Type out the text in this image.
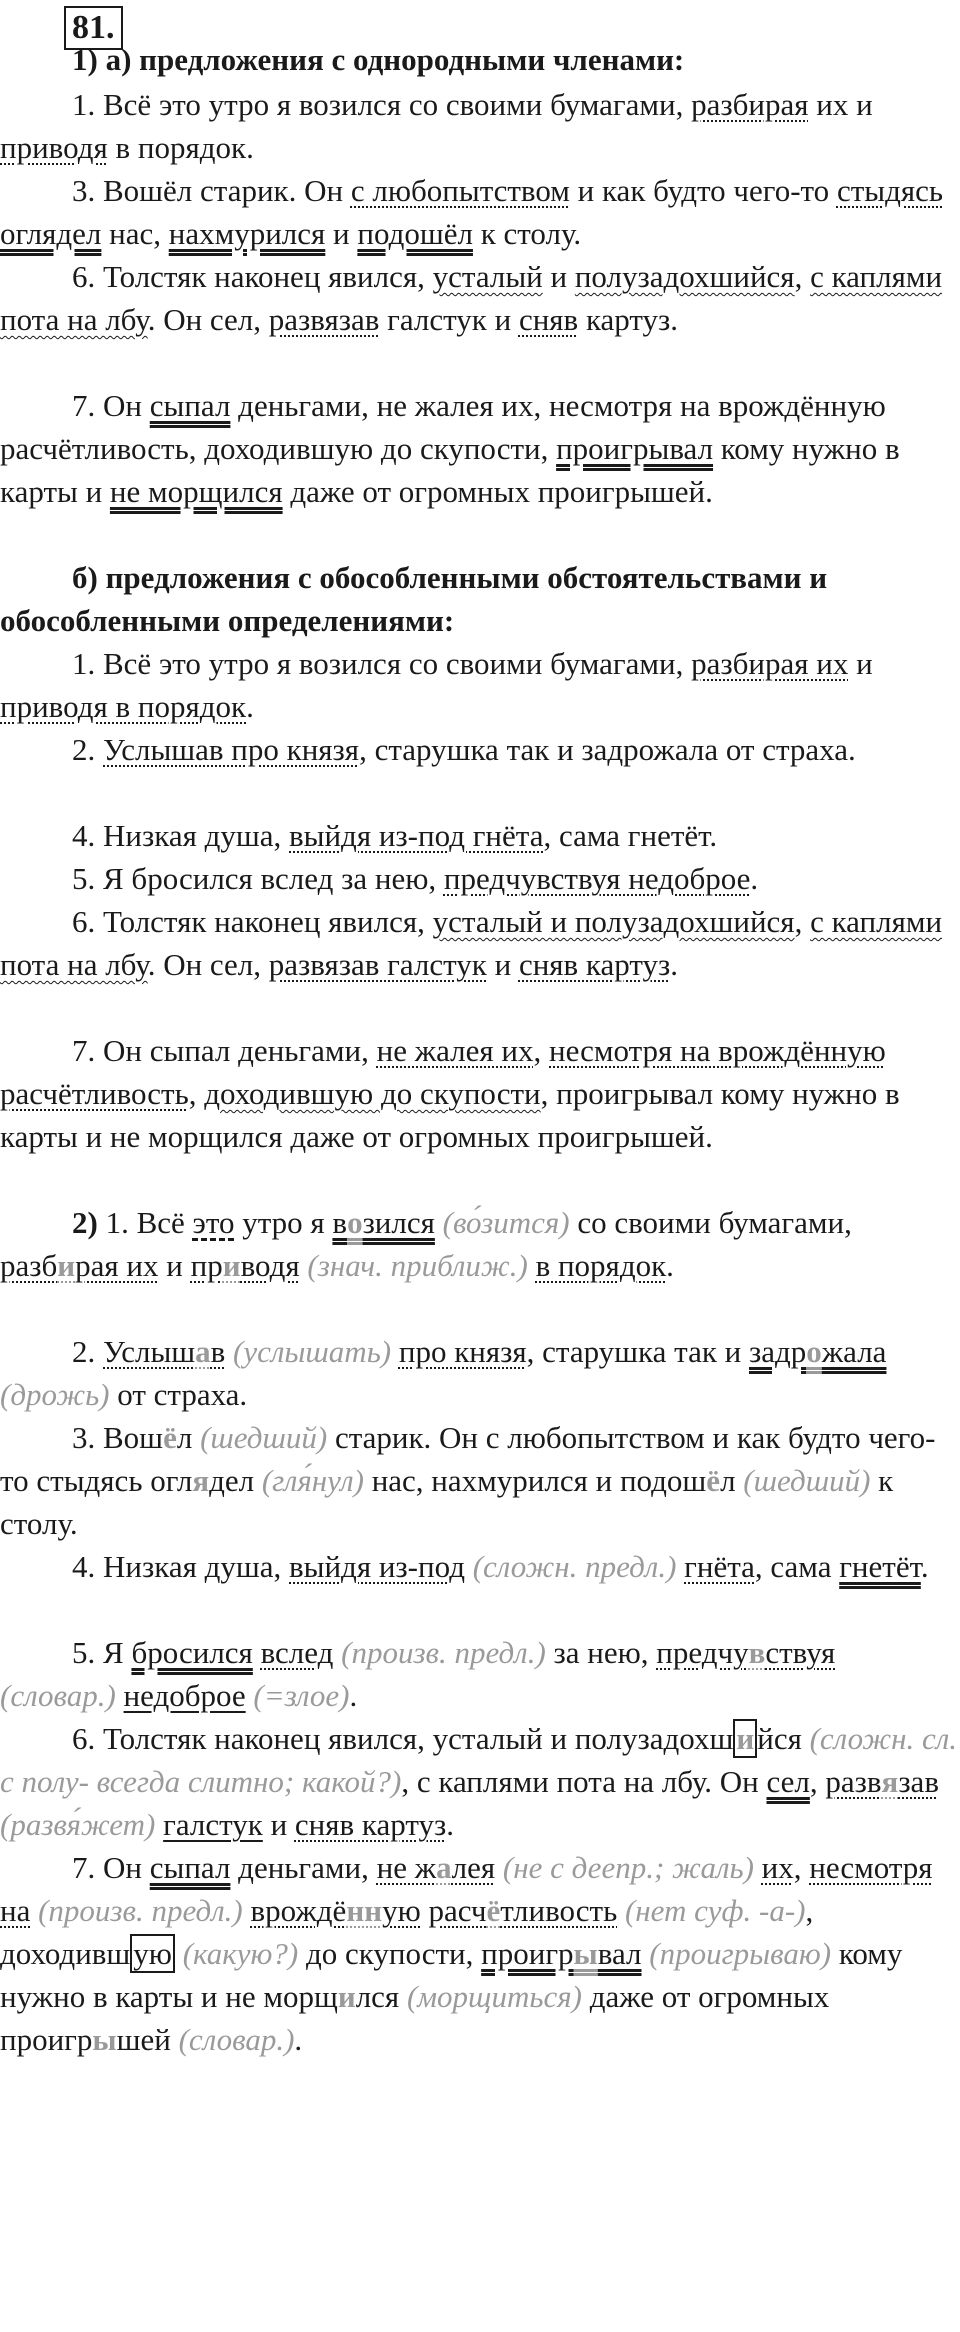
81.
1) а) предложения с однородными членами:
1. Всё это утро я возился со своими бумагами, разбирая их и приводя в порядок.
3. Вошёл старик. Он с любопытством и как будто чего-то стыдясь оглядел нас, нахмурился и подошёл к столу.
6. Толстяк наконец явился, усталый и полузадохшийся, с каплями пота на лбу. Он сел, развязав галстук и сняв картуз.
7. Он сыпал деньгами, не жалея их, несмотря на врождённую расчётливость, доходившую до скупости, проигрывал кому нужно в карты и не морщился даже от огромных проигрышей.
б) предложения с обособленными обстоятельствами и обособленными определениями:
1. Всё это утро я возился со своими бумагами, разбирая их и приводя в порядок.
2. Услышав про князя, старушка так и задрожала от страха.
4. Низкая душа, выйдя из-под гнёта, сама гнетёт.
5. Я бросился вслед за нею, предчувствуя недоброе.
6. Толстяк наконец явился, усталый и полузадохшийся, с каплями пота на лбу. Он сел, развязав галстук и сняв картуз.
7. Он сыпал деньгами, не жалея их, несмотря на врождённую расчётливость, доходившую до скупости, проигрывал кому нужно в карты и не морщился даже от огромных проигрышей.
2) 1. Всё это утро я возился (во́зится) со своими бумагами, разбирая их и приводя (знач. приближ.) в порядок.
2. Услышав (услышать) про князя, старушка так и задрожала (дрожь) от страха.
3. Вошёл (шедший) старик. Он с любопытством и как будто чего-то стыдясь оглядел (гля́нул) нас, нахмурился и подошёл (шедший) к столу.
4. Низкая душа, выйдя из-под (сложн. предл.) гнёта, сама гнетёт.
5. Я бросился вслед (произв. предл.) за нею, предчувствуя (словар.) недоброе (=злое).
6. Толстяк наконец явился, усталый и полузадохшийся (сложн. сл. с полу- всегда слитно; какой?), с каплями пота на лбу. Он сел, развязав (развя́жет) галстук и сняв картуз.
7. Он сыпал деньгами, не жалея (не с деепр.; жаль) их, несмотря на (произв. предл.) врождённую расчётливость (нет суф. -а-), доходившую (какую?) до скупости, проигрывал (проигрываю) кому нужно в карты и не морщился (морщиться) даже от огромных проигрышей (словар.).
